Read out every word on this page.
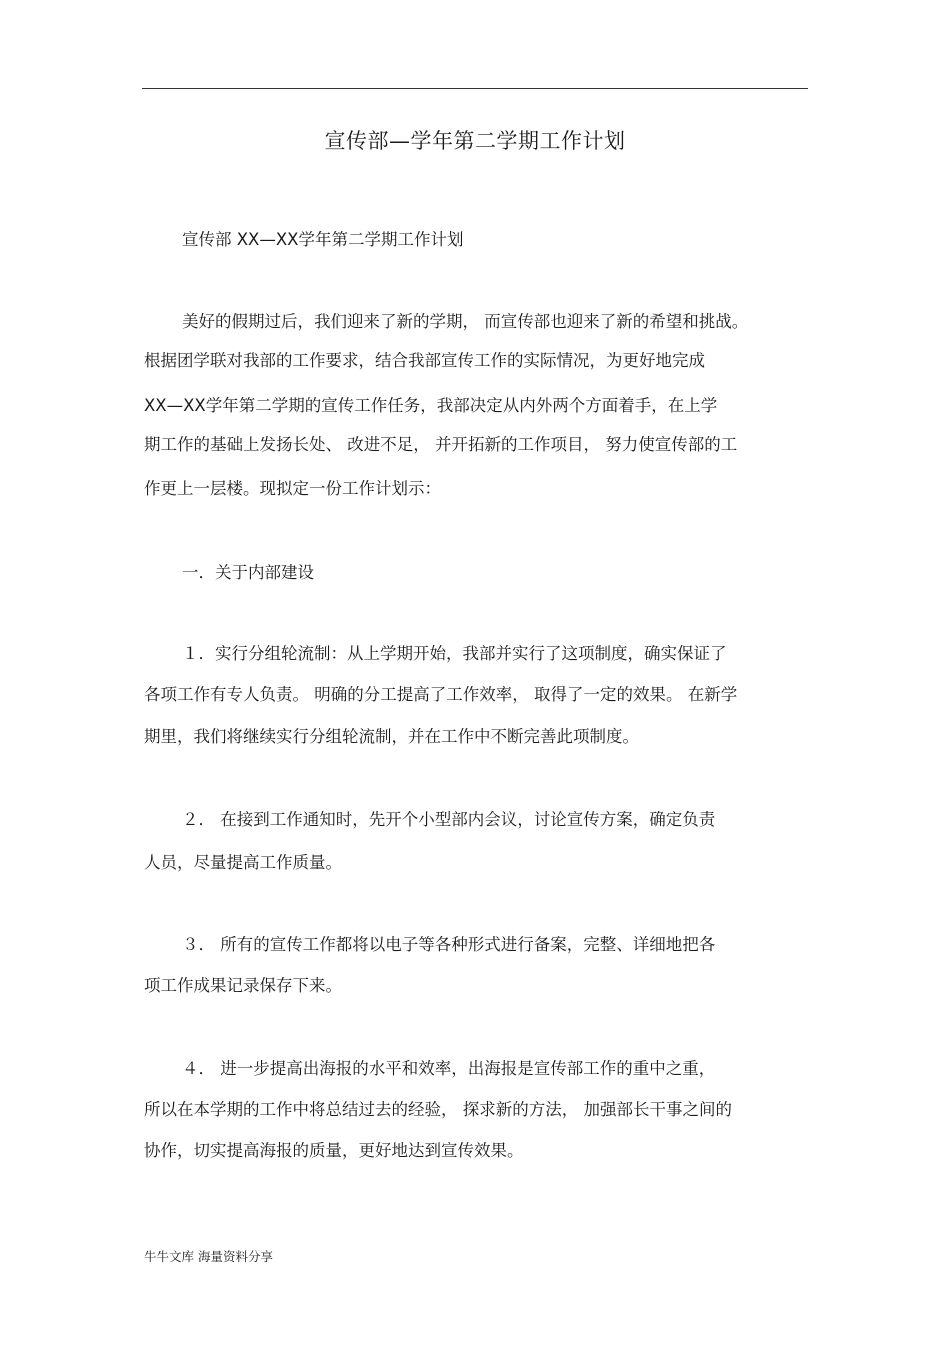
宣传部—学年第二学期工作计划
宣传部 XX—XX学年第二学期工作计划
美好的假期过后，我们迎来了新的学期， 而宣传部也迎来了新的希望和挑战。
根据团学联对我部的工作要求，结合我部宣传工作的实际情况，为更好地完成
XX—XX学年第二学期的宣传工作任务，我部决定从内外两个方面着手，在上学
期工作的基础上发扬长处、 改进不足， 并开拓新的工作项目， 努力使宣传部的工
作更上一层楼。现拟定一份工作计划示：
一．关于内部建设
１．实行分组轮流制：从上学期开始，我部并实行了这项制度，确实保证了
各项工作有专人负责。 明确的分工提高了工作效率， 取得了一定的效果。 在新学
期里，我们将继续实行分组轮流制，并在工作中不断完善此项制度。
２． 在接到工作通知时，先开个小型部内会议，讨论宣传方案，确定负责
人员，尽量提高工作质量。
３． 所有的宣传工作都将以电子等各种形式进行备案，完整、详细地把各
项工作成果记录保存下来。
４． 进一步提高出海报的水平和效率，出海报是宣传部工作的重中之重，
所以在本学期的工作中将总结过去的经验， 探求新的方法， 加强部长干事之间的
协作，切实提高海报的质量，更好地达到宣传效果。
牛牛文库 海量资料分享
